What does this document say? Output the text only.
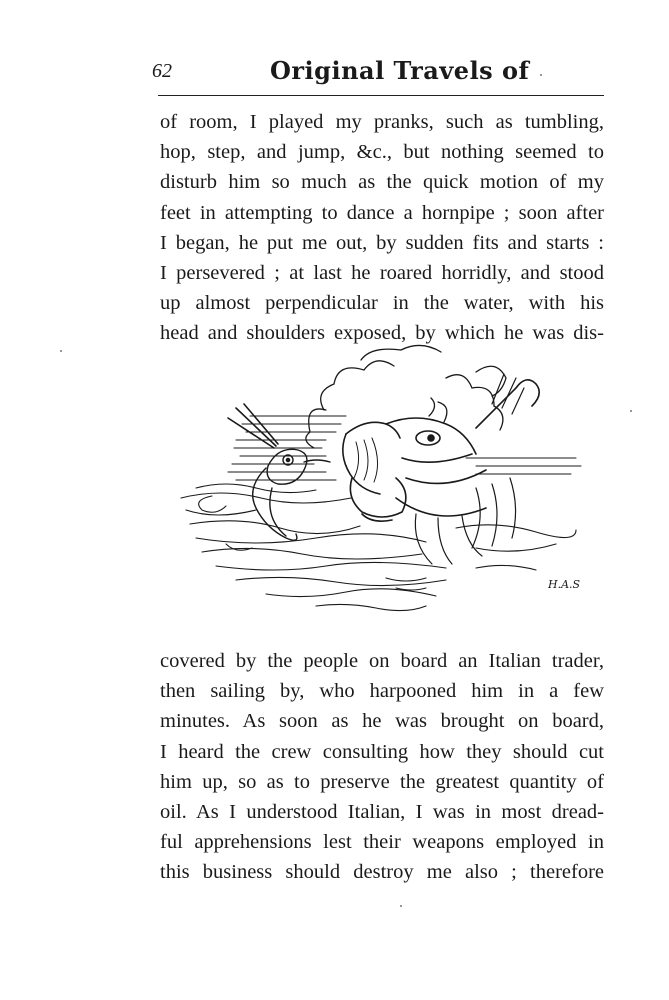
62	Original Travels of
of room, I played my pranks, such as tumbling,
hop, step, and jump, &c., but nothing seemed to
disturb him so much as the quick motion of my
feet in attempting to dance a hornpipe ; soon after
I began, he put me out, by sudden fits and starts :
I persevered ; at last he roared horridly, and stood
up almost perpendicular in the water, with his
head and shoulders exposed, by which he was dis-
H.A.S
covered by the people on board an Italian trader,
then sailing by, who harpooned him in a few
minutes. As soon as he was brought on board,
I heard the crew consulting how they should cut
him up, so as to preserve the greatest quantity of
oil. As I understood Italian, I was in most dread-
ful apprehensions lest their weapons employed in
this business should destroy me also ; therefore
